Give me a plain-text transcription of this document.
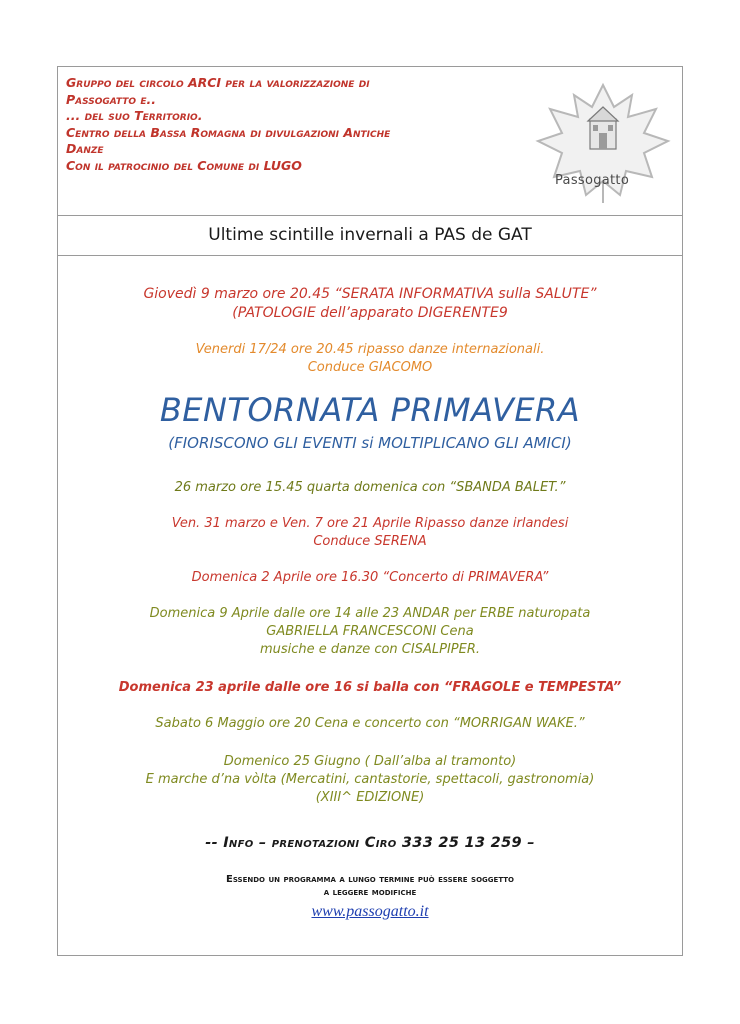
Gruppo del circolo ARCI per la valorizzazione di
Passogatto e..
... del suo Territorio.
Centro della Bassa Romagna di divulgazioni Antiche
Danze
Con il patrocinio del Comune di LUGO
Passogatto
Ultime scintille invernali a PAS de GAT
Giovedì 9 marzo ore 20.45 “SERATA INFORMATIVA sulla SALUTE”
(PATOLOGIE dell’apparato DIGERENTE9
Venerdi 17/24 ore 20.45 ripasso danze internazionali.
Conduce GIACOMO
BENTORNATA PRIMAVERA
(FIORISCONO GLI EVENTI si MOLTIPLICANO GLI AMICI)
26 marzo ore 15.45 quarta domenica con “SBANDA BALET.”
Ven. 31 marzo e Ven. 7 ore 21 Aprile Ripasso danze irlandesi
Conduce SERENA
Domenica 2 Aprile ore 16.30 “Concerto di PRIMAVERA”
Domenica 9 Aprile dalle ore 14 alle 23 ANDAR per ERBE naturopata
GABRIELLA FRANCESCONI Cena
musiche e danze con CISALPIPER.
Domenica 23 aprile dalle ore 16 si balla con “FRAGOLE e TEMPESTA”
Sabato 6 Maggio ore 20 Cena e concerto con “MORRIGAN WAKE.”
Domenico 25 Giugno ( Dall’alba al tramonto)
E marche d’na vòlta (Mercatini, cantastorie, spettacoli, gastronomia)
(XIII^ EDIZIONE)
-- Info – prenotazioni Ciro 333 25 13 259 –
Essendo un programma a lungo termine può essere soggetto
a leggere modifiche
www.passogatto.it
